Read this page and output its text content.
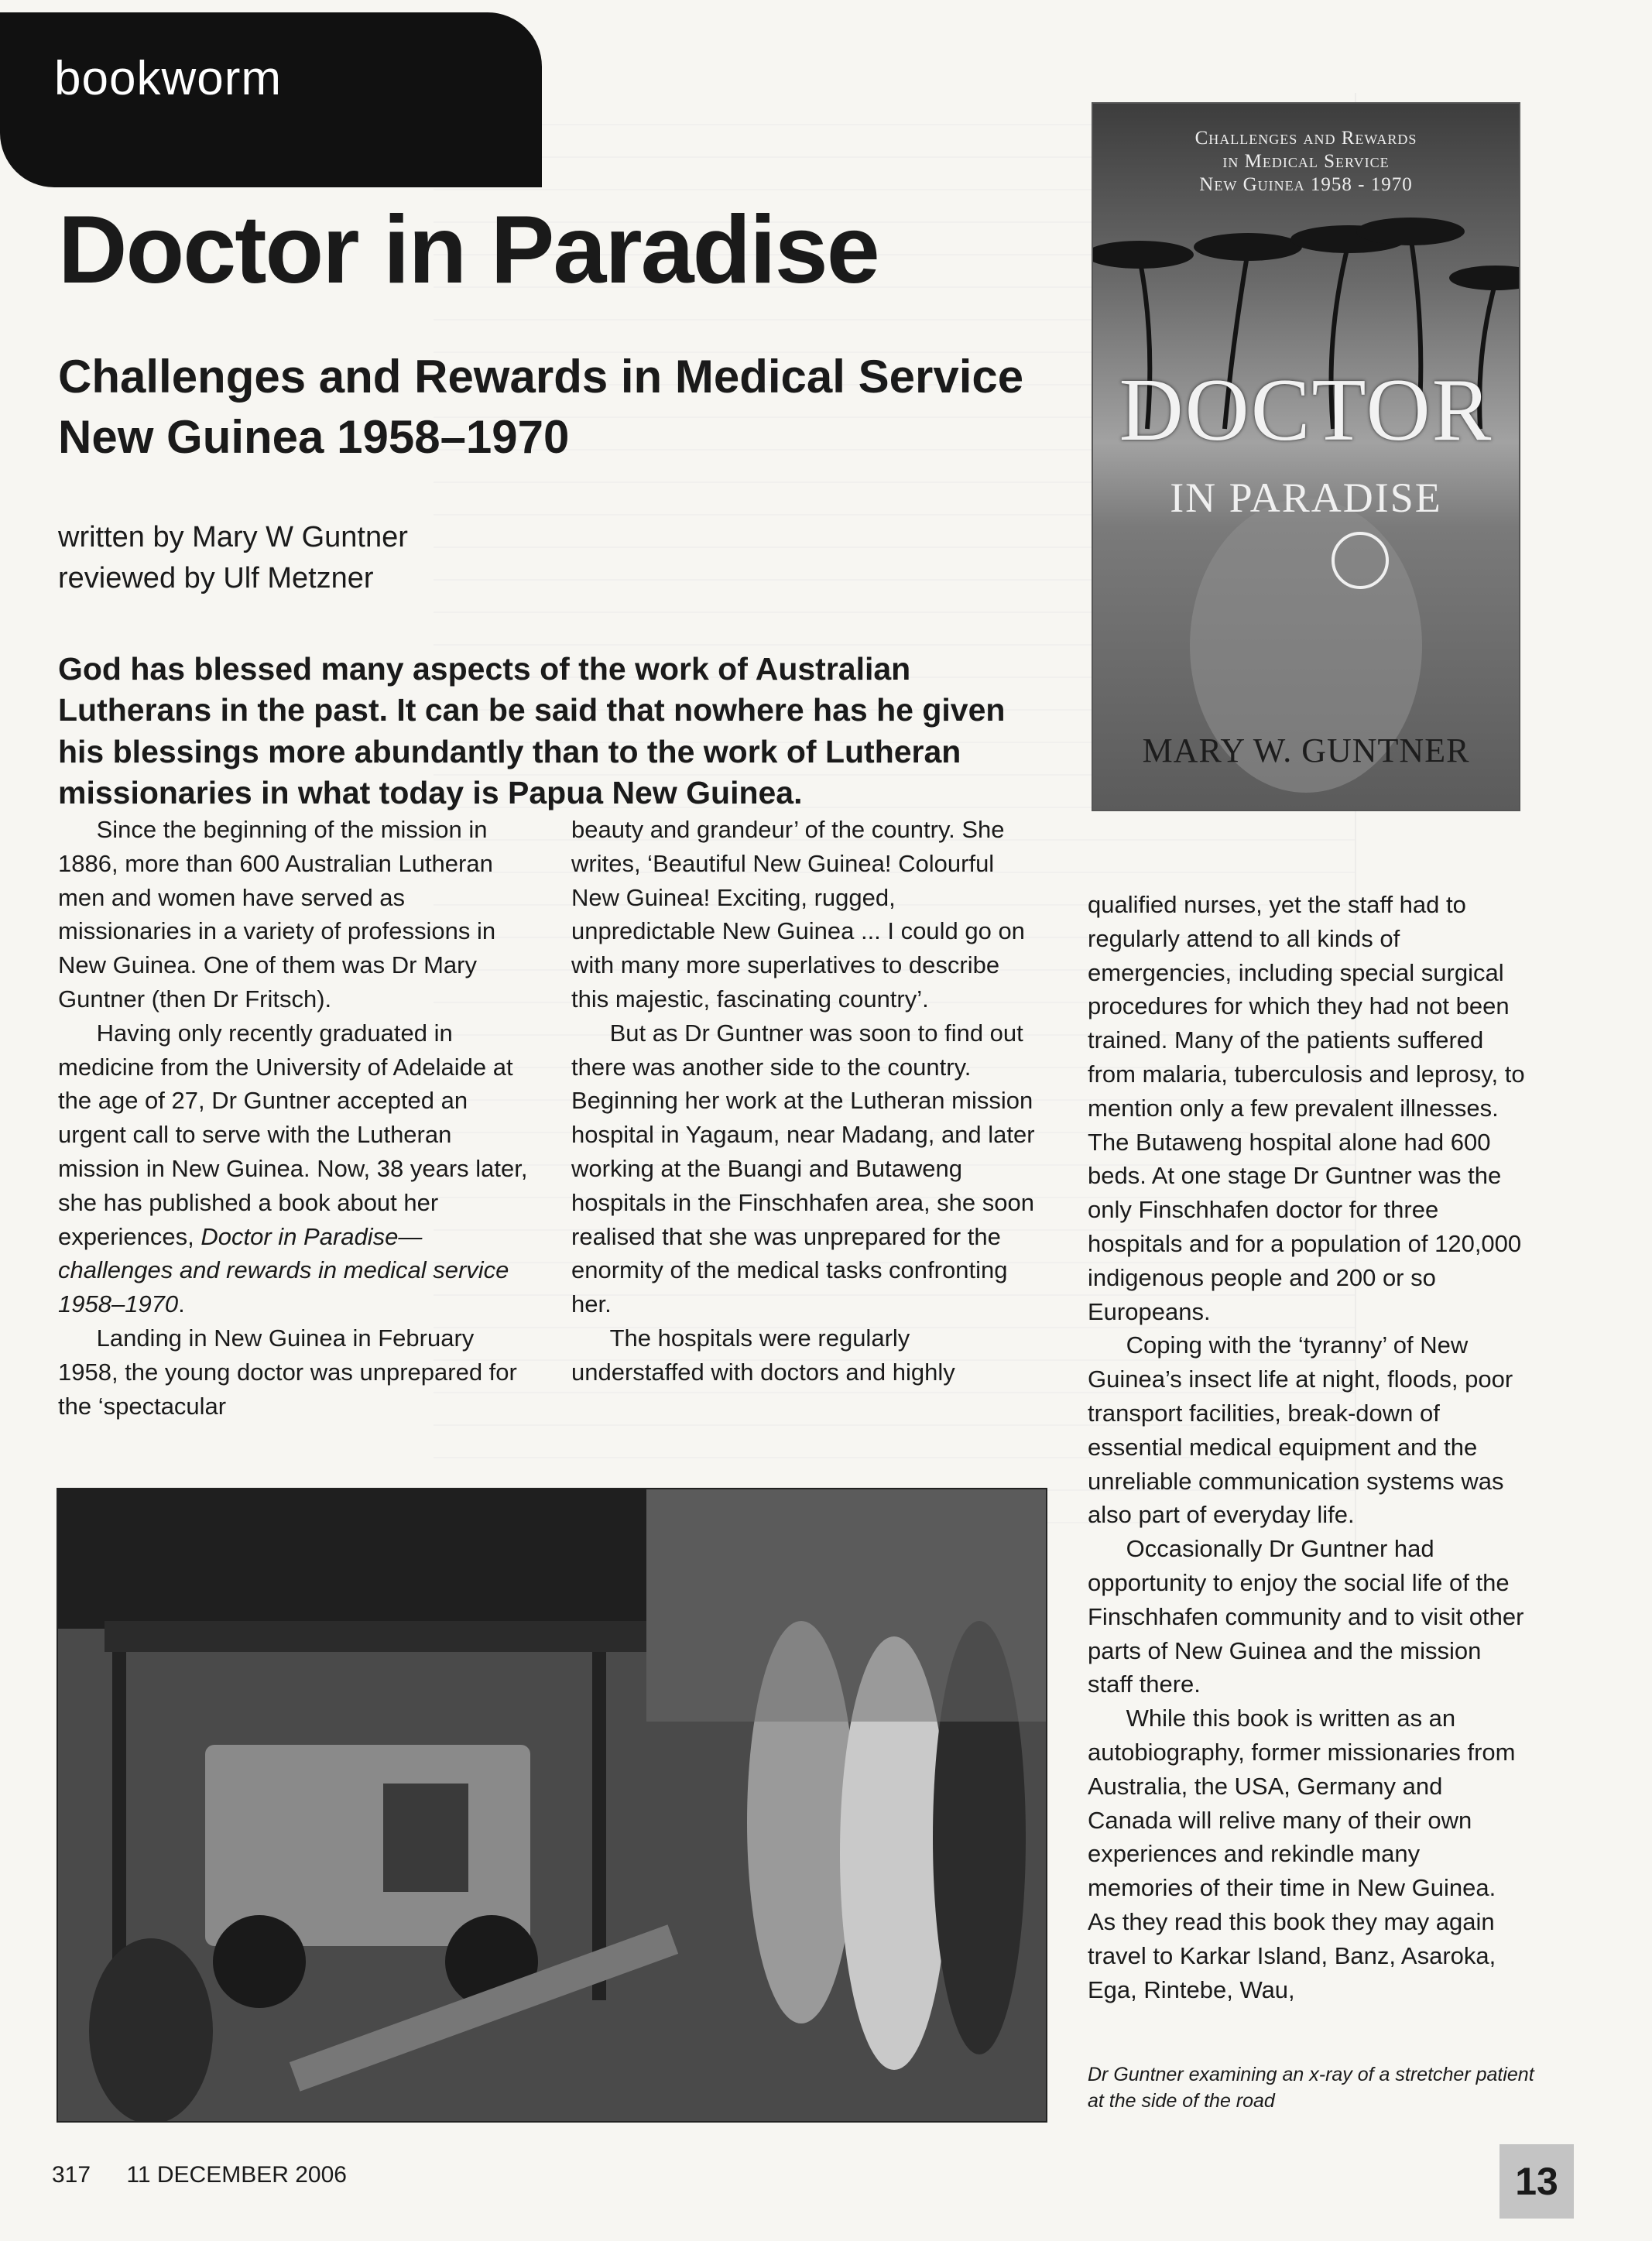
bookworm
Doctor in Paradise
Challenges and Rewards in Medical Service
New Guinea 1958–1970
written by Mary W Guntner
reviewed by Ulf Metzner

God has blessed many aspects of the work of Australian Lutherans in the past. It can be said that nowhere has he given his blessings more abundantly than to the work of Lutheran missionaries in what today is Papua New Guinea.

Since the beginning of the mission in 1886, more than 600 Australian Lutheran men and women have served as missionaries in a variety of professions in New Guinea. One of them was Dr Mary Guntner (then Dr Fritsch).

Having only recently graduated in medicine from the University of Adelaide at the age of 27, Dr Guntner accepted an urgent call to serve with the Lutheran mission in New Guinea. Now, 38 years later, she has published a book about her experiences, Doctor in Paradise—challenges and rewards in medical service 1958–1970.

Landing in New Guinea in February 1958, the young doctor was unprepared for the ‘spectacular

beauty and grandeur’ of the country. She writes, ‘Beautiful New Guinea! Colourful New Guinea! Exciting, rugged, unpredictable New Guinea ... I could go on with many more superlatives to describe this majestic, fascinating country’.

But as Dr Guntner was soon to find out there was another side to the country. Beginning her work at the Lutheran mission hospital in Yagaum, near Madang, and later working at the Buangi and Butaweng hospitals in the Finschhafen area, she soon realised that she was unprepared for the enormity of the medical tasks confronting her.

The hospitals were regularly understaffed with doctors and highly

qualified nurses, yet the staff had to regularly attend to all kinds of emergencies, including special surgical procedures for which they had not been trained. Many of the patients suffered from malaria, tuberculosis and leprosy, to mention only a few prevalent illnesses. The Butaweng hospital alone had 600 beds. At one stage Dr Guntner was the only Finschhafen doctor for three hospitals and for a population of 120,000 indigenous people and 200 or so Europeans.

Coping with the ‘tyranny’ of New Guinea’s insect life at night, floods, poor transport facilities, break-down of essential medical equipment and the unreliable communication systems was also part of everyday life.

Occasionally Dr Guntner had opportunity to enjoy the social life of the Finschhafen community and to visit other parts of New Guinea and the mission staff there.

While this book is written as an autobiography, former missionaries from Australia, the USA, Germany and Canada will relive many of their own experiences and rekindle many memories of their time in New Guinea. As they read this book they may again travel to Karkar Island, Banz, Asaroka, Ega, Rintebe, Wau,

Challenges and Rewards
in Medical Service
New Guinea 1958 - 1970
DOCTOR
IN PARADISE
MARY W. GUNTNER
Dr Guntner examining an x-ray of a stretcher patient at the side of the road
317 11 DECEMBER 2006	13
